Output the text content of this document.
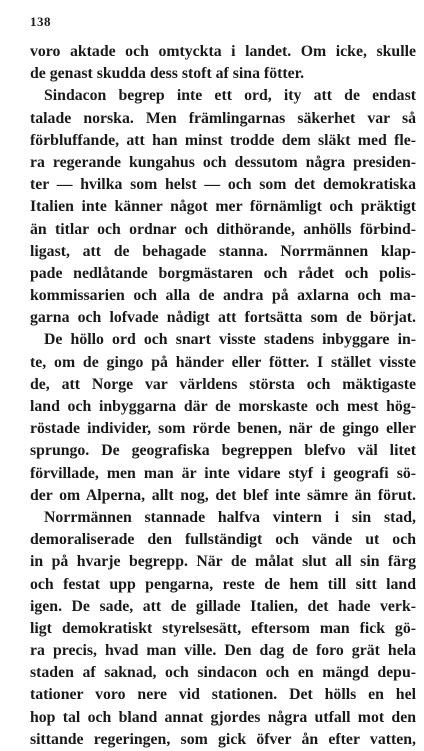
138
voro aktade och omtyckta i landet. Om icke, skulle
de genast skudda dess stoft af sina fötter.
Sindacon begrep inte ett ord, ity att de endast
talade norska. Men främlingarnas säkerhet var så
förbluffande, att han minst trodde dem släkt med fle-
ra regerande kungahus och dessutom några presiden-
ter — hvilka som helst — och som det demokratiska
Italien inte känner något mer förnämligt och präktigt
än titlar och ordnar och dithörande, anhölls förbind-
ligast, att de behagade stanna. Norrmännen klap-
pade nedlåtande borgmästaren och rådet och polis-
kommissarien och alla de andra på axlarna och ma-
garna och lofvade nådigt att fortsätta som de börjat.
De höllo ord och snart visste stadens inbyggare in-
te, om de gingo på händer eller fötter. I stället visste
de, att Norge var världens största och mäktigaste
land och inbyggarna där de morskaste och mest hög-
röstade individer, som rörde benen, när de gingo eller
sprungo. De geografiska begreppen blefvo väl litet
förvillade, men man är inte vidare styf i geografi sö-
der om Alperna, allt nog, det blef inte sämre än förut.
Norrmännen stannade halfva vintern i sin stad,
demoraliserade den fullständigt och vände ut och
in på hvarje begrepp. När de målat slut all sin färg
och festat upp pengarna, reste de hem till sitt land
igen. De sade, att de gillade Italien, det hade verk-
ligt demokratiskt styrelsesätt, eftersom man fick gö-
ra precis, hvad man ville. Den dag de foro grät hela
staden af saknad, och sindacon och en mängd depu-
tationer voro nere vid stationen. Det hölls en hel
hop tal och bland annat gjordes några utfall mot den
sittande regeringen, som gick öfver ån efter vatten,
